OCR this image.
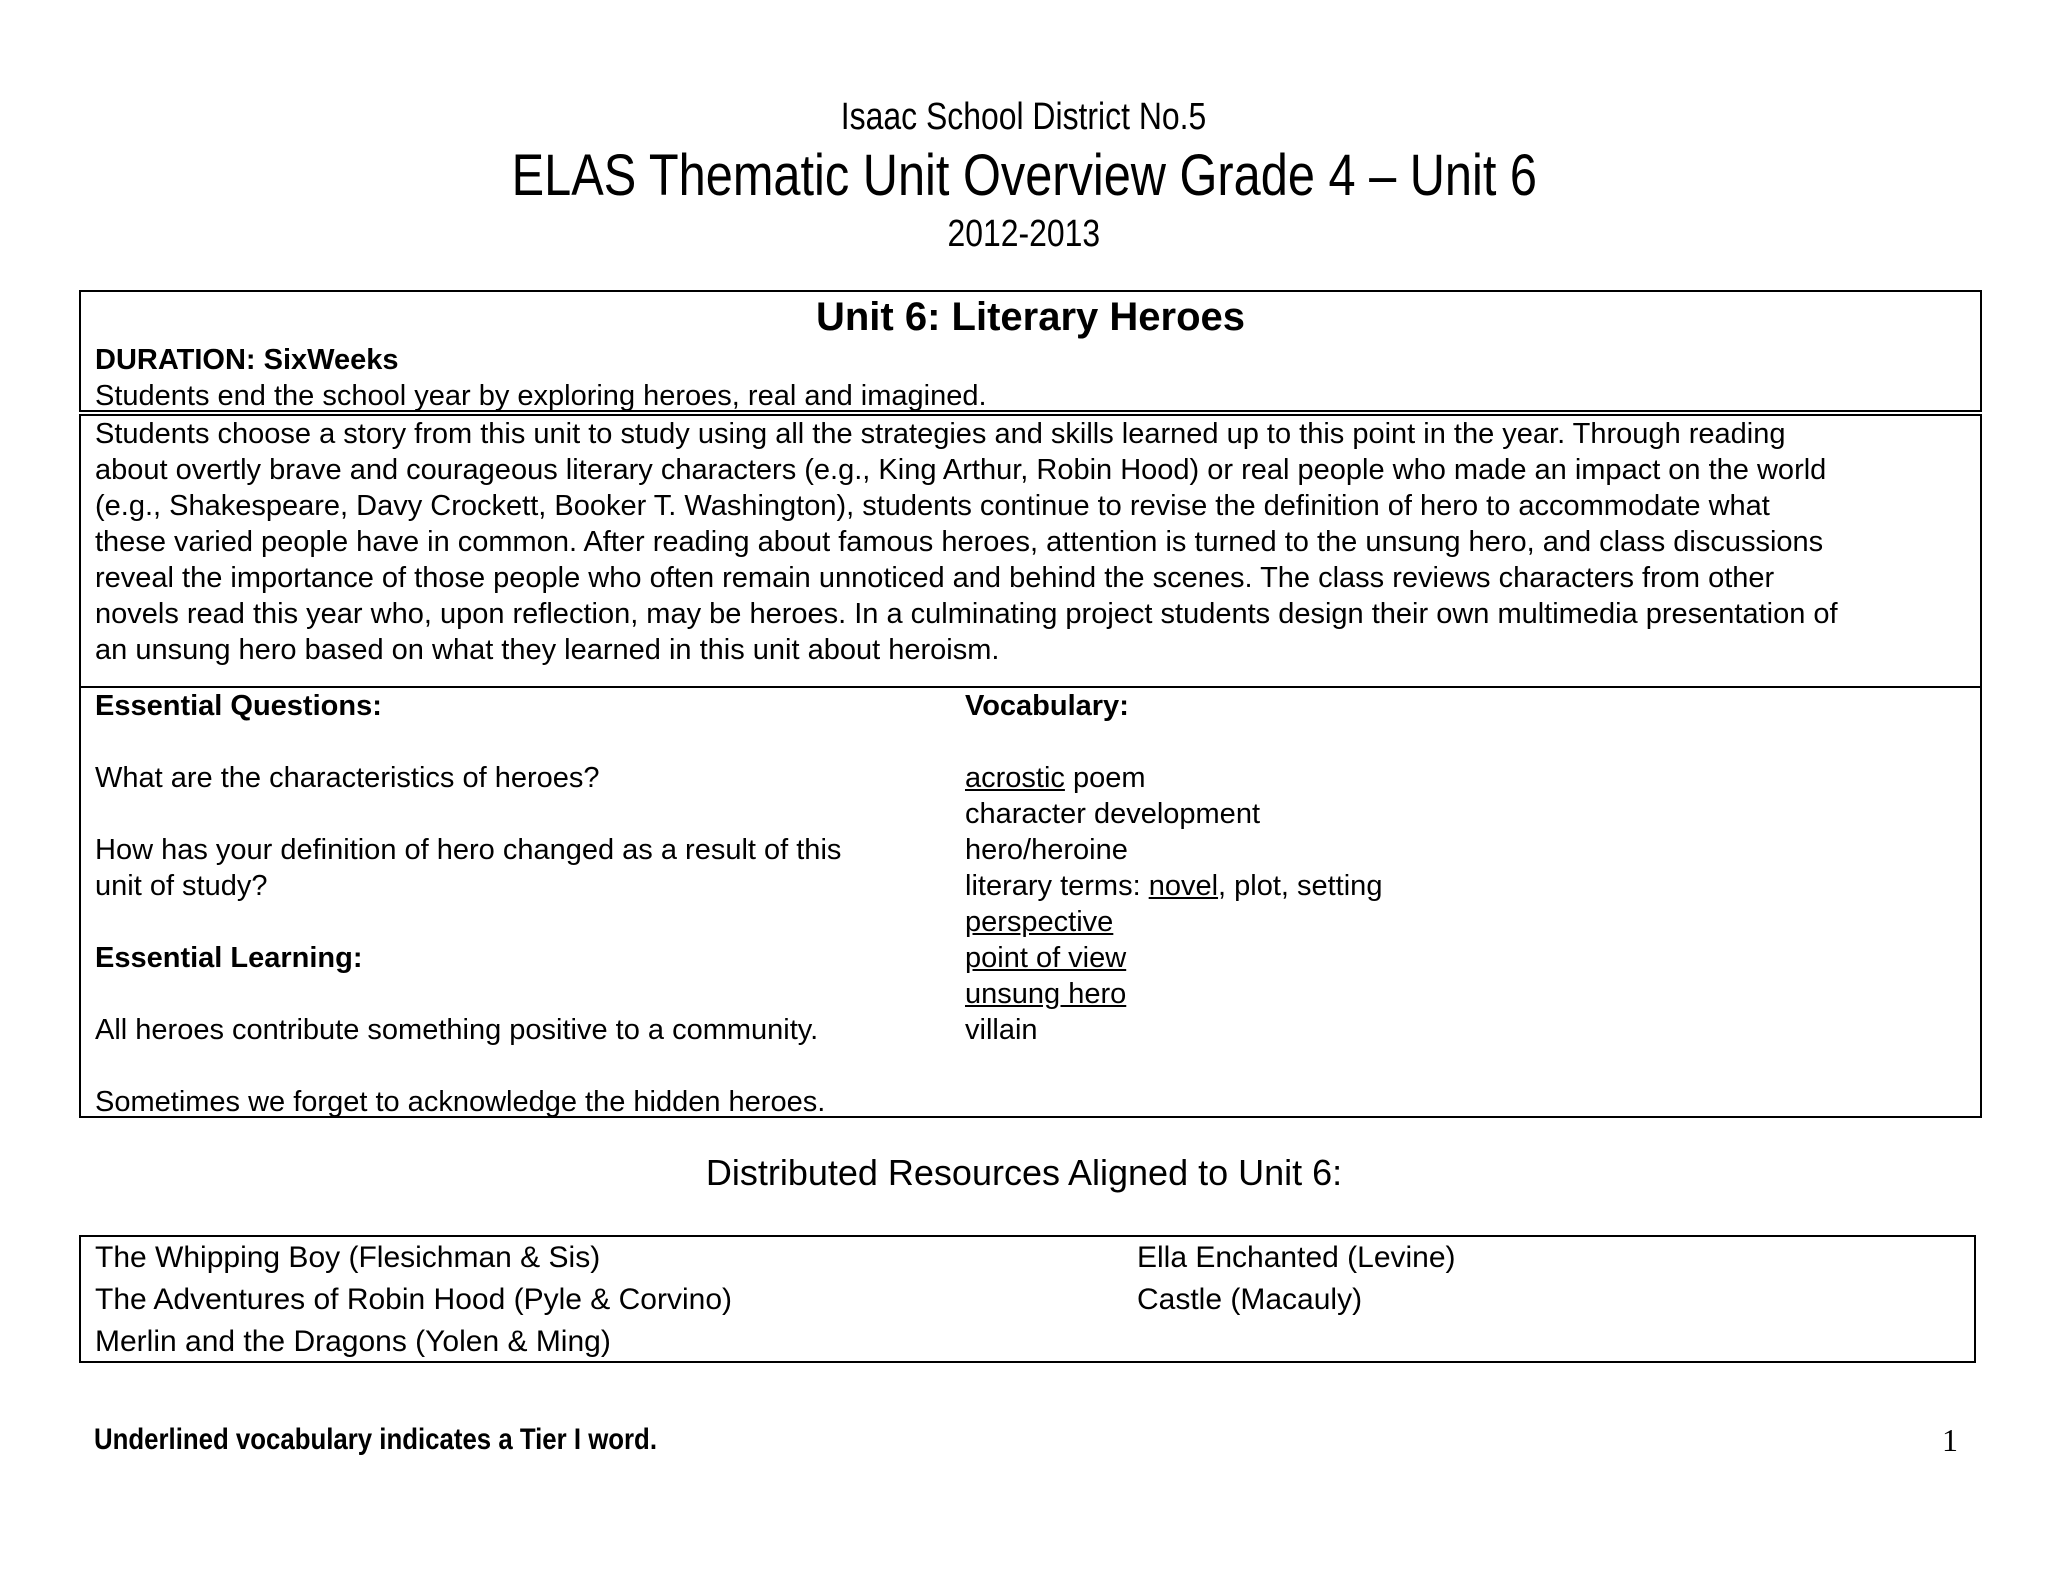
Isaac School District No.5
ELAS Thematic Unit Overview Grade 4 – Unit 6
2012-2013
Unit 6: Literary Heroes
DURATION: SixWeeks
Students end the school year by exploring heroes, real and imagined.
Students choose a story from this unit to study using all the strategies and skills learned up to this point in the year. Through reading
about overtly brave and courageous literary characters (e.g., King Arthur, Robin Hood) or real people who made an impact on the world
(e.g., Shakespeare, Davy Crockett, Booker T. Washington), students continue to revise the definition of hero to accommodate what
these varied people have in common. After reading about famous heroes, attention is turned to the unsung hero, and class discussions
reveal the importance of those people who often remain unnoticed and behind the scenes. The class reviews characters from other
novels read this year who, upon reflection, may be heroes. In a culminating project students design their own multimedia presentation of
an unsung hero based on what they learned in this unit about heroism.
Essential Questions:
What are the characteristics of heroes?
How has your definition of hero changed as a result of this
unit of study?
Essential Learning:
All heroes contribute something positive to a community.
Sometimes we forget to acknowledge the hidden heroes.
Vocabulary:
acrostic poem
character development
hero/heroine
literary terms: novel, plot, setting
perspective
point of view
unsung hero
villain
Distributed Resources Aligned to Unit 6:
The Whipping Boy (Flesichman & Sis)
The Adventures of Robin Hood (Pyle & Corvino)
Merlin and the Dragons (Yolen & Ming)
Ella Enchanted (Levine)
Castle (Macauly)
Underlined vocabulary indicates a Tier I word.	1
